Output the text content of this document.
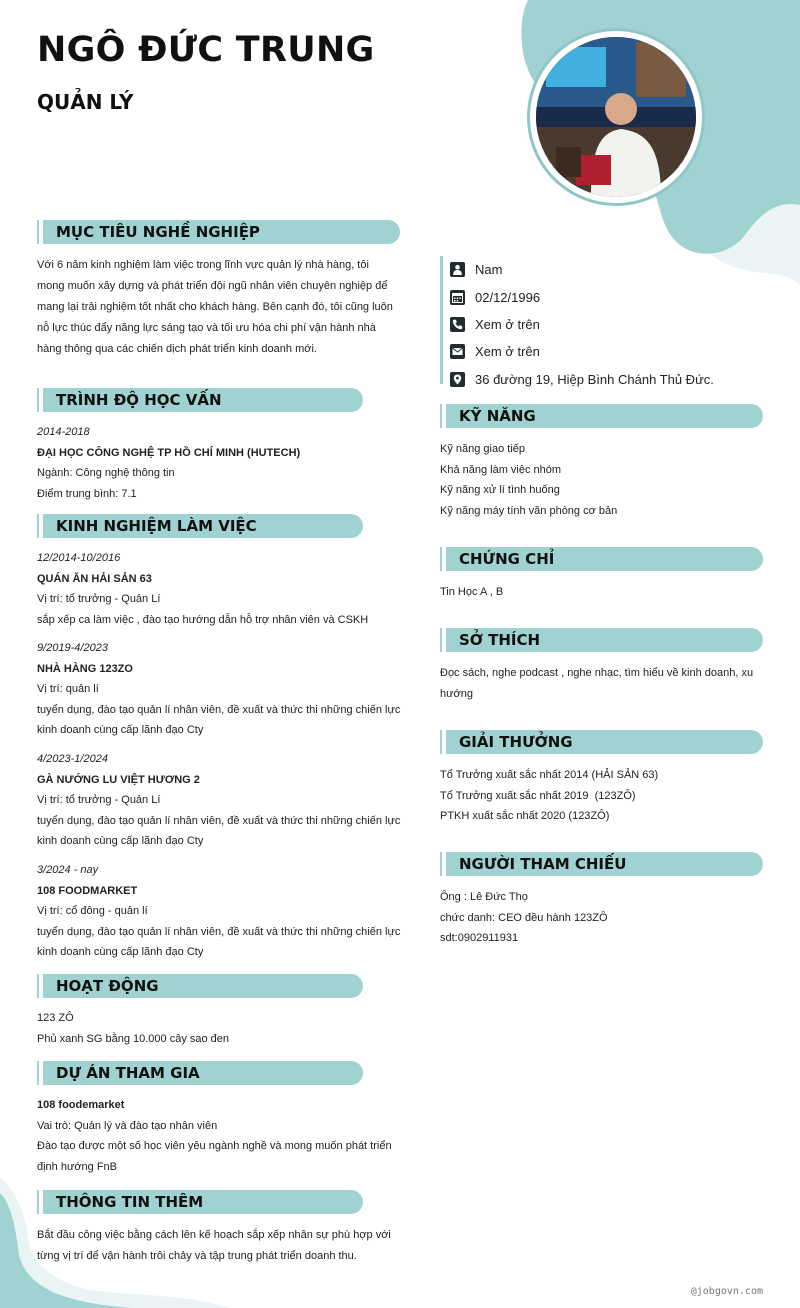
NGÔ ĐỨC TRUNG
QUẢN LÝ
MỤC TIÊU NGHỀ NGHIỆP
Với 6 năm kinh nghiệm làm việc trong lĩnh vực quản lý nhà hàng, tôi
mong muốn xây dựng và phát triển đội ngũ nhân viên chuyên nghiệp để
mang lại trải nghiệm tốt nhất cho khách hàng. Bên cạnh đó, tôi cũng luôn
nỗ lực thúc đẩy năng lực sáng tạo và tối ưu hóa chi phí vận hành nhà
hàng thông qua các chiến dịch phát triển kinh doanh mới.
TRÌNH ĐỘ HỌC VẤN
2014-2018
ĐẠI HỌC CÔNG NGHỆ TP HỒ CHÍ MINH (HUTECH)
Ngành: Công nghệ thông tin
Điểm trung bình: 7.1
KINH NGHIỆM LÀM VIỆC
12/2014-10/2016
QUÁN ĂN HẢI SẢN 63
Vị trí: tổ trưởng - Quản Lí
sắp xếp ca làm việc , đào tạo hướng dẫn hỗ trợ nhân viên và CSKH
9/2019-4/2023
NHÀ HÀNG 123ZO
Vị trí: quản lí
tuyển dụng, đào tạo quản lí nhân viên, đề xuất và thức thi những chiến lực
kinh doanh cùng cấp lãnh đạo Cty
4/2023-1/2024
GÀ NƯỚNG LU VIỆT HƯƠNG 2
Vị trí: tổ trưởng - Quản Lí
tuyển dụng, đào tạo quản lí nhân viên, đề xuất và thức thi những chiến lực
kinh doanh cùng cấp lãnh đạo Cty
3/2024 - nay
108 FOODMARKET
Vị trí: cổ đông - quản lí
tuyển dụng, đào tạo quản lí nhân viên, đề xuất và thức thi những chiến lực
kinh doanh cùng cấp lãnh đạo Cty
HOẠT ĐỘNG
123 ZÔ
Phủ xanh SG bằng 10.000 cây sao đen
DỰ ÁN THAM GIA
108 foodemarket
Vai trò: Quản lý và đào tạo nhân viên
Đào tạo được một số học viên yêu ngành nghề và mong muốn phát triển
định hướng FnB
THÔNG TIN THÊM
Bắt đầu công việc bằng cách lên kế hoạch sắp xếp nhân sự phù hợp với
từng vị trí để vận hành trôi chảy và tập trung phát triển doanh thu.
Nam
02/12/1996
Xem ở trên
Xem ở trên
36 đường 19, Hiệp Bình Chánh Thủ Đức.
KỸ NĂNG
Kỹ năng giao tiếp
Khả năng làm việc nhóm
Kỹ năng xử lí tình huống
Kỹ năng máy tính văn phòng cơ bản
CHỨNG CHỈ
Tin Học A , B
SỞ THÍCH
Đọc sách, nghe podcast , nghe nhạc, tìm hiểu về kinh doanh, xu
hướng
GIẢI THƯỞNG
Tổ Trưởng xuất sắc nhất 2014 (HẢI SẢN 63)
Tổ Trưởng xuất sắc nhất 2019  (123ZÔ)
PTKH xuất sắc nhất 2020 (123ZÔ)
NGƯỜI THAM CHIẾU
Ông : Lê Đức Thọ
chức danh: CEO đều hành 123ZÔ
sdt:0902911931
@jobgovn.com
